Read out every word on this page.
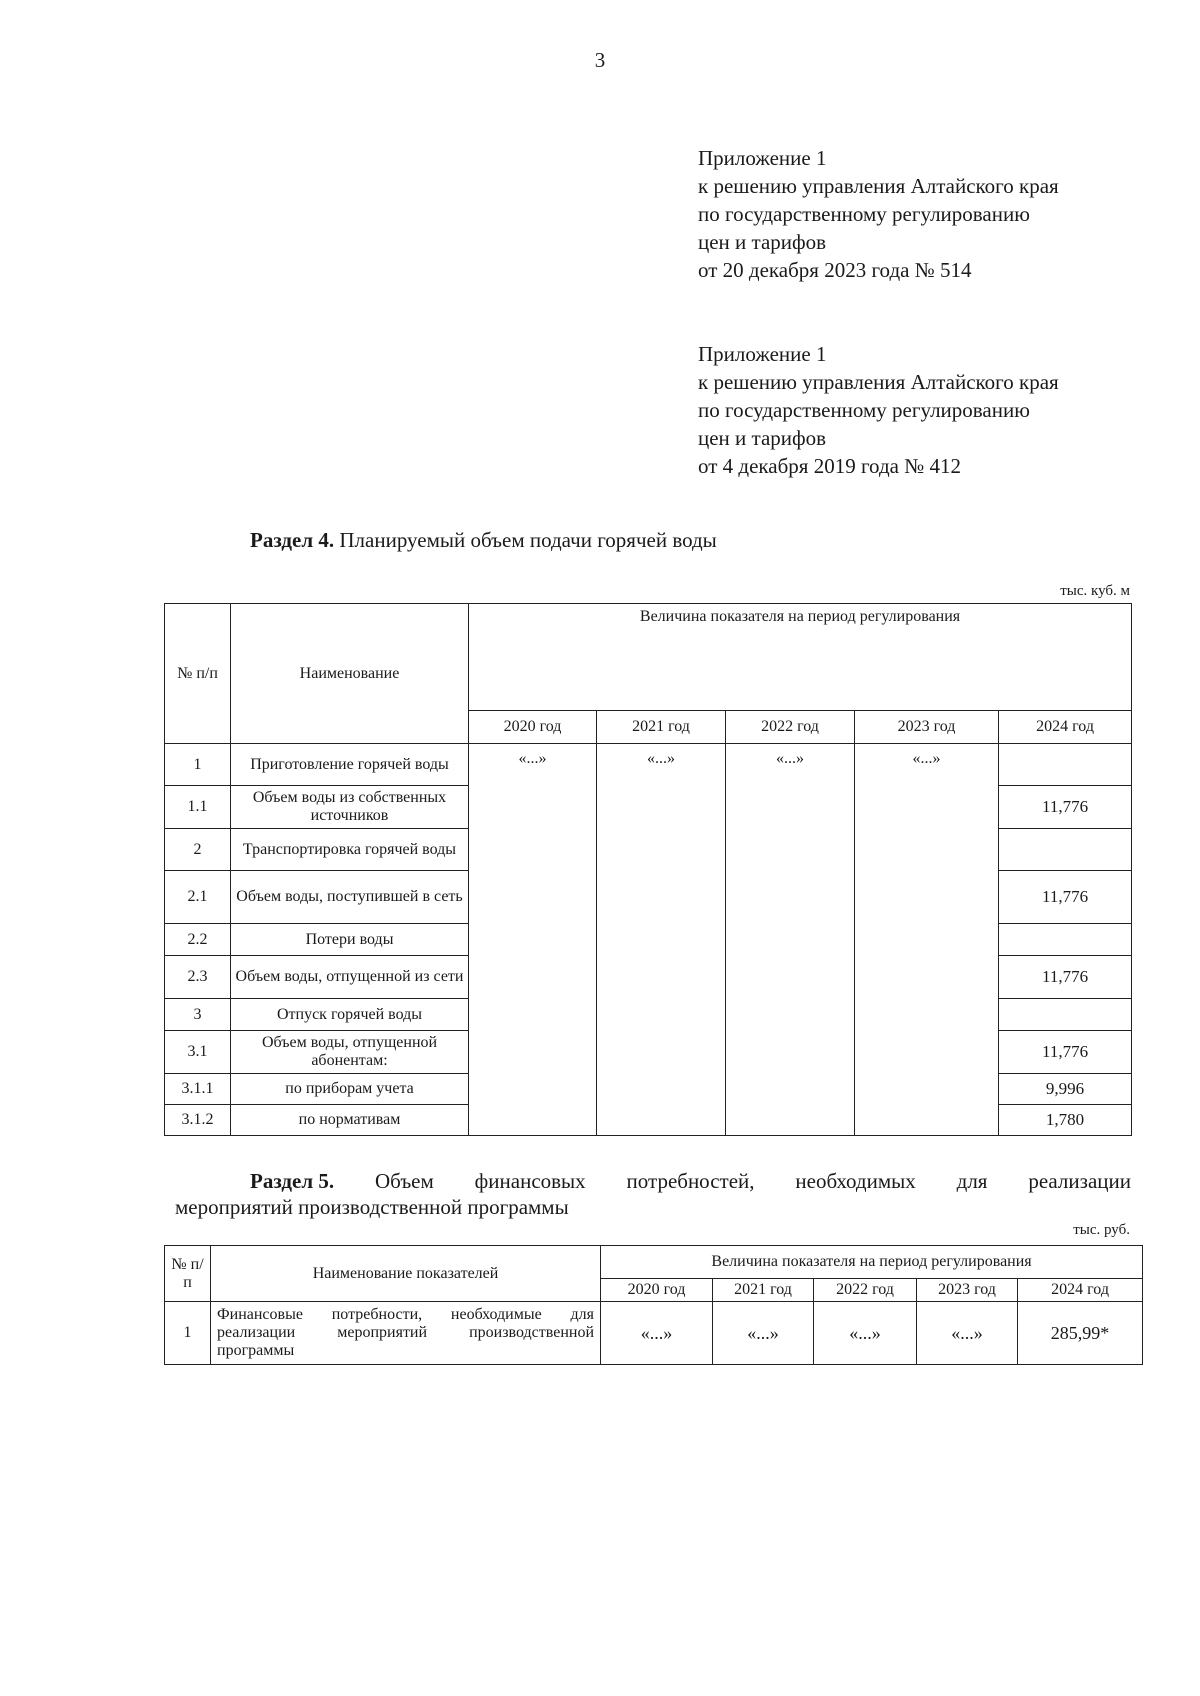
3
Приложение 1
к решению управления Алтайского края
по государственному регулированию
цен и тарифов
от 20 декабря 2023 года № 514
Приложение 1
к решению управления Алтайского края
по государственному регулированию
цен и тарифов
от 4 декабря 2019 года № 412
Раздел 4. Планируемый объем подачи горячей воды
тыс. куб. м
№ п/п	Наименование	Величина показателя на период регулирования				
		2020 год	2021 год	2022 год	2023 год	2024 год
1	Приготовление горячей воды	«...»	«...»	«...»	«...»	
1.1	Объем воды из собственных источников					11,776
2	Транспортировка горячей воды					
2.1	Объем воды, поступившей в сеть					11,776
2.2	Потери воды					
2.3	Объем воды, отпущенной из сети					11,776
3	Отпуск горячей воды					
3.1	Объем воды, отпущенной абонентам:					11,776
3.1.1	по приборам учета					9,996
3.1.2	по нормативам					1,780
Раздел 5. Объем финансовых потребностей, необходимых для реализации
мероприятий производственной программы
тыс. руб.
№ п/п	Наименование показателей	Величина показателя на период регулирования				
		2020 год	2021 год	2022 год	2023 год	2024 год
1	Финансовые потребности, необходимые для реализации мероприятий производственной программы	«...»	«...»	«...»	«...»	285,99*
